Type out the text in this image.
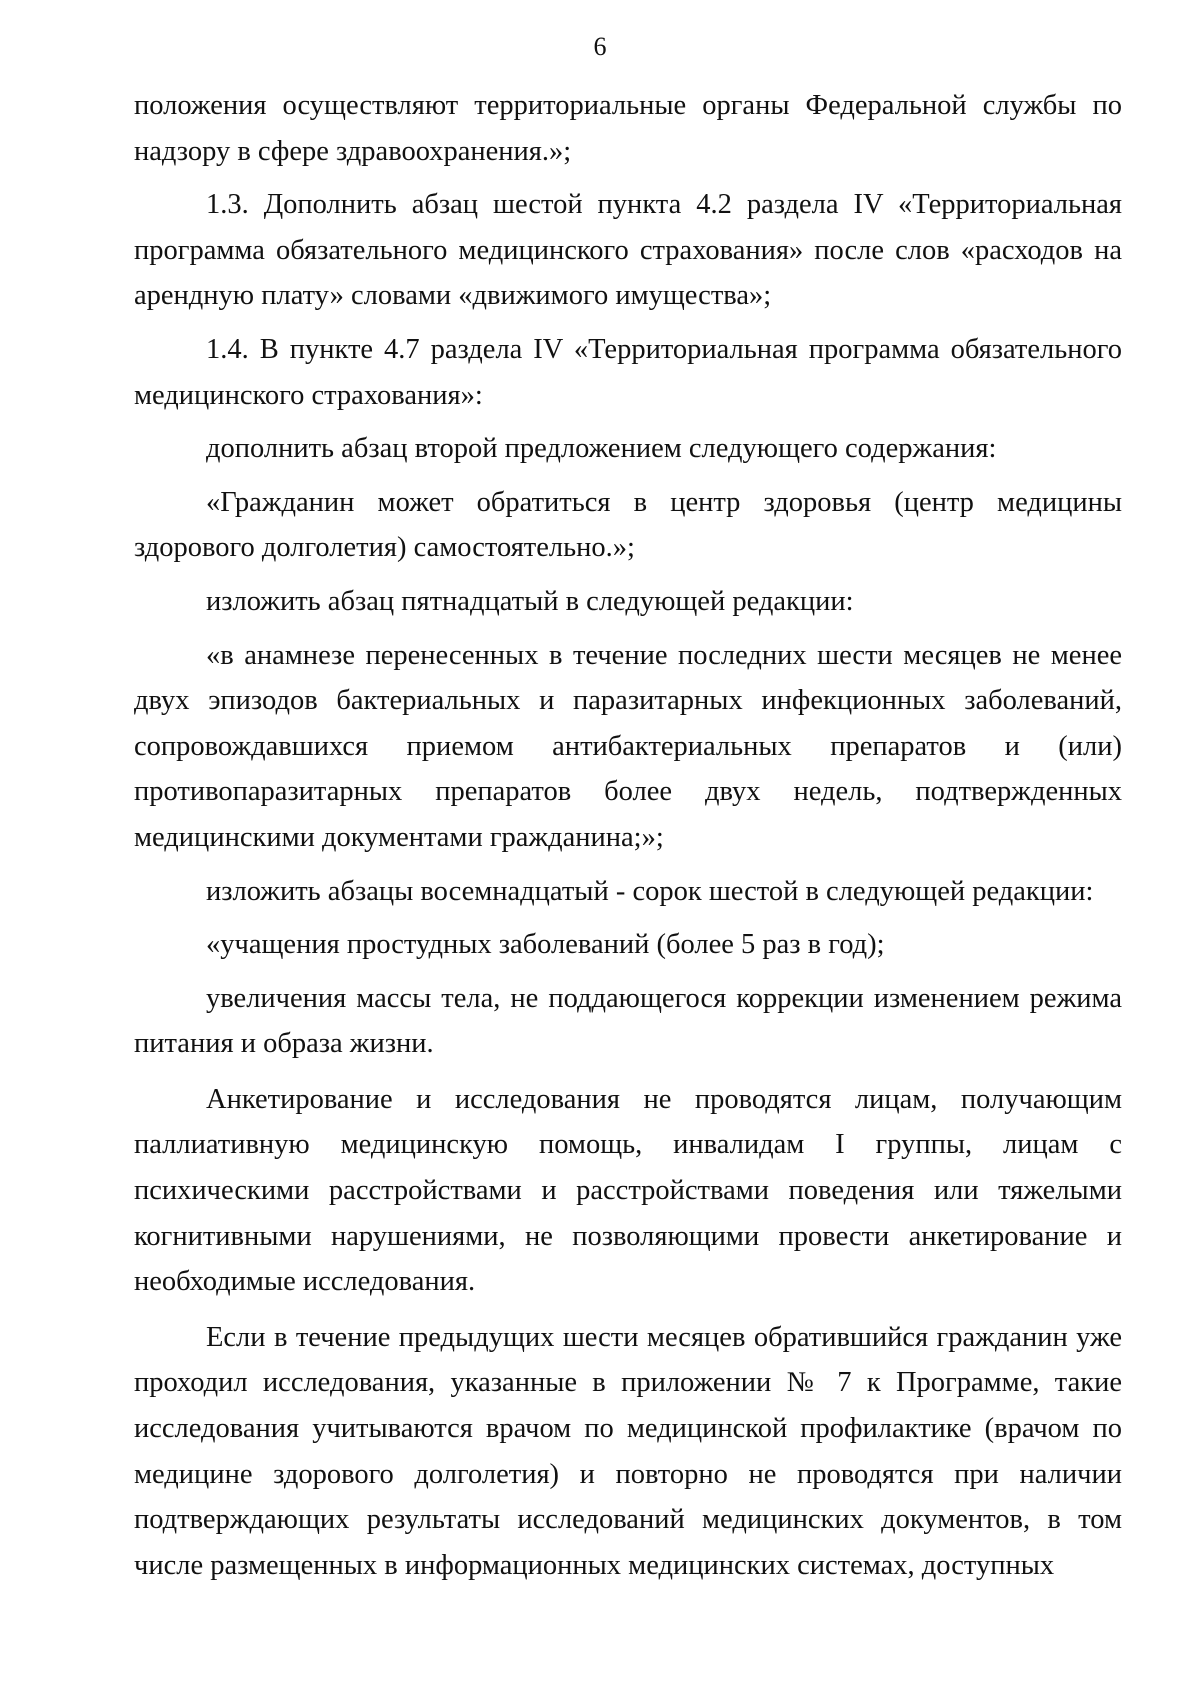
6

положения осуществляют территориальные органы Федеральной службы по надзору в сфере здравоохранения.»;

1.3. Дополнить абзац шестой пункта 4.2 раздела IV «Территориальная программа обязательного медицинского страхования» после слов «расходов на арендную плату» словами «движимого имущества»;

1.4. В пункте 4.7 раздела IV «Территориальная программа обязательного медицинского страхования»:

дополнить абзац второй предложением следующего содержания:

«Гражданин может обратиться в центр здоровья (центр медицины здорового долголетия) самостоятельно.»;

изложить абзац пятнадцатый в следующей редакции:

«в анамнезе перенесенных в течение последних шести месяцев не менее двух эпизодов бактериальных и паразитарных инфекционных заболеваний, сопровождавшихся приемом антибактериальных препаратов и (или) противопаразитарных препаратов более двух недель, подтвержденных медицинскими документами гражданина;»;

изложить абзацы восемнадцатый - сорок шестой в следующей редакции:

«учащения простудных заболеваний (более 5 раз в год);

увеличения массы тела, не поддающегося коррекции изменением режима питания и образа жизни.

Анкетирование и исследования не проводятся лицам, получающим паллиативную медицинскую помощь, инвалидам I группы, лицам с психическими расстройствами и расстройствами поведения или тяжелыми когнитивными нарушениями, не позволяющими провести анкетирование и необходимые исследования.

Если в течение предыдущих шести месяцев обратившийся гражданин уже проходил исследования, указанные в приложении № 7 к Программе, такие исследования учитываются врачом по медицинской профилактике (врачом по медицине здорового долголетия) и повторно не проводятся при наличии подтверждающих результаты исследований медицинских документов, в том числе размещенных в информационных медицинских системах, доступных
